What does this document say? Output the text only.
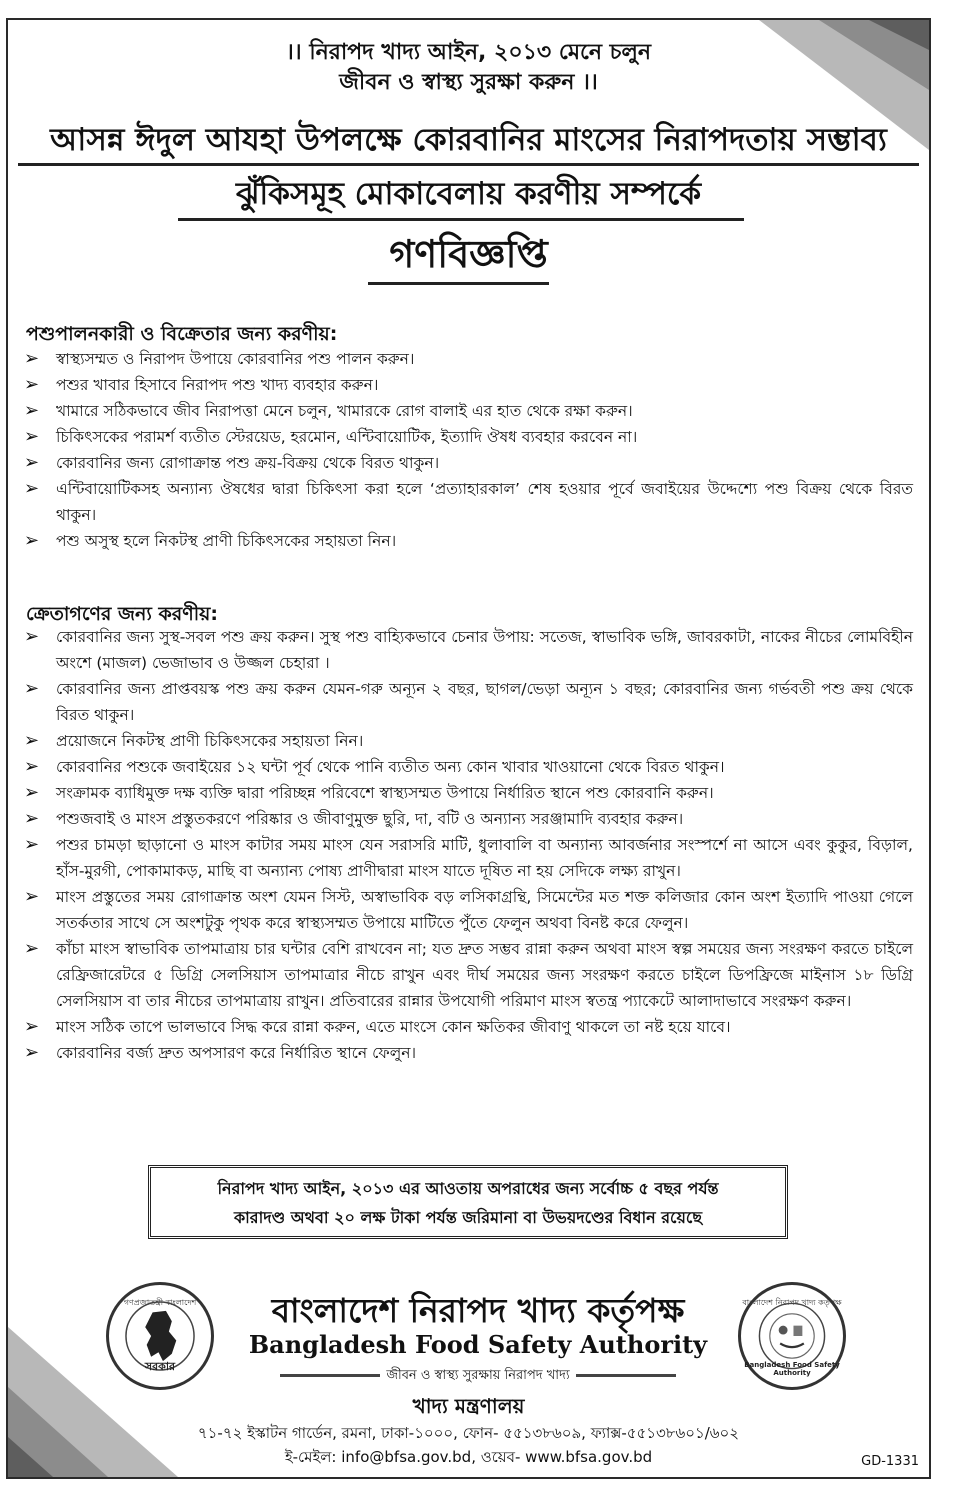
।। নিরাপদ খাদ্য আইন, ২০১৩ মেনে চলুন
জীবন ও স্বাস্থ্য সুরক্ষা করুন ।।
আসন্ন ঈদুল আযহা উপলক্ষে কোরবানির মাংসের নিরাপদতায় সম্ভাব্য
ঝুঁকিসমূহ মোকাবেলায় করণীয় সম্পর্কে
গণবিজ্ঞপ্তি
পশুপালনকারী ও বিক্রেতার জন্য করণীয়:
➢ স্বাস্থ্যসম্মত ও নিরাপদ উপায়ে কোরবানির পশু পালন করুন।
➢ পশুর খাবার হিসাবে নিরাপদ পশু খাদ্য ব্যবহার করুন।
➢ খামারে সঠিকভাবে জীব নিরাপত্তা মেনে চলুন, খামারকে রোগ বালাই এর হাত থেকে রক্ষা করুন।
➢ চিকিৎসকের পরামর্শ ব্যতীত স্টেরয়েড, হরমোন, এন্টিবায়োটিক, ইত্যাদি ঔষধ ব্যবহার করবেন না।
➢ কোরবানির জন্য রোগাক্রান্ত পশু ক্রয়-বিক্রয় থেকে বিরত থাকুন।
➢ এন্টিবায়োটিকসহ অন্যান্য ঔষধের দ্বারা চিকিৎসা করা হলে ‘প্রত্যাহারকাল’ শেষ হওয়ার পূর্বে জবাইয়ের উদ্দেশ্যে পশু বিক্রয় থেকে বিরত থাকুন।
➢ পশু অসুস্থ হলে নিকটস্থ প্রাণী চিকিৎসকের সহায়তা নিন।
ক্রেতাগণের জন্য করণীয়:
➢ কোরবানির জন্য সুস্থ-সবল পশু ক্রয় করুন। সুস্থ পশু বাহ্যিকভাবে চেনার উপায়: সতেজ, স্বাভাবিক ভঙ্গি, জাবরকাটা, নাকের নীচের লোমবিহীন অংশে (মাজল) ভেজাভাব ও উজ্জল চেহারা ।
➢ কোরবানির জন্য প্রাপ্তবয়স্ক পশু ক্রয় করুন যেমন-গরু অন্যূন ২ বছর, ছাগল/ভেড়া অন্যূন ১ বছর; কোরবানির জন্য গর্ভবতী পশু ক্রয় থেকে বিরত থাকুন।
➢ প্রয়োজনে নিকটস্থ প্রাণী চিকিৎসকের সহায়তা নিন।
➢ কোরবানির পশুকে জবাইয়ের ১২ ঘন্টা পূর্ব থেকে পানি ব্যতীত অন্য কোন খাবার খাওয়ানো থেকে বিরত থাকুন।
➢ সংক্রামক ব্যাধিমুক্ত দক্ষ ব্যক্তি দ্বারা পরিচ্ছন্ন পরিবেশে স্বাস্থ্যসম্মত উপায়ে নির্ধারিত স্থানে পশু কোরবানি করুন।
➢ পশুজবাই ও মাংস প্রস্তুতকরণে পরিষ্কার ও জীবাণুমুক্ত ছুরি, দা, বটি ও অন্যান্য সরঞ্জামাদি ব্যবহার করুন।
➢ পশুর চামড়া ছাড়ানো ও মাংস কাটার সময় মাংস যেন সরাসরি মাটি, ধুলাবালি বা অন্যান্য আবর্জনার সংস্পর্শে না আসে এবং কুকুর, বিড়াল, হাঁস-মুরগী, পোকামাকড়, মাছি বা অন্যান্য পোষ্য প্রাণীদ্বারা মাংস যাতে দূষিত না হয় সেদিকে লক্ষ্য রাখুন।
➢ মাংস প্রস্তুতের সময় রোগাক্রান্ত অংশ যেমন সিস্ট, অস্বাভাবিক বড় লসিকাগ্রন্থি, সিমেন্টের মত শক্ত কলিজার কোন অংশ ইত্যাদি পাওয়া গেলে সতর্কতার সাথে সে অংশটুকু পৃথক করে স্বাস্থ্যসম্মত উপায়ে মাটিতে পুঁতে ফেলুন অথবা বিনষ্ট করে ফেলুন।
➢ কাঁচা মাংস স্বাভাবিক তাপমাত্রায় চার ঘন্টার বেশি রাখবেন না; যত দ্রুত সম্ভব রান্না করুন অথবা মাংস স্বল্প সময়ের জন্য সংরক্ষণ করতে চাইলে রেফ্রিজারেটরে ৫ ডিগ্রি সেলসিয়াস তাপমাত্রার নীচে রাখুন এবং দীর্ঘ সময়ের জন্য সংরক্ষণ করতে চাইলে ডিপফ্রিজে মাইনাস ১৮ ডিগ্রি সেলসিয়াস বা তার নীচের তাপমাত্রায় রাখুন। প্রতিবারের রান্নার উপযোগী পরিমাণ মাংস স্বতন্ত্র প্যাকেটে আলাদাভাবে সংরক্ষণ করুন।
➢ মাংস সঠিক তাপে ভালভাবে সিদ্ধ করে রান্না করুন, এতে মাংসে কোন ক্ষতিকর জীবাণু থাকলে তা নষ্ট হয়ে যাবে।
➢ কোরবানির বর্জ্য দ্রুত অপসারণ করে নির্ধারিত স্থানে ফেলুন।
নিরাপদ খাদ্য আইন, ২০১৩ এর আওতায় অপরাধের জন্য সর্বোচ্চ ৫ বছর পর্যন্ত
কারাদণ্ড অথবা ২০ লক্ষ টাকা পর্যন্ত জরিমানা বা উভয়দণ্ডের বিধান রয়েছে
গণপ্রজাতন্ত্রী বাংলাদেশ
সরকার
বাংলাদেশ নিরাপদ খাদ্য কর্তৃপক্ষ
Bangladesh Food Safety Authority
বাংলাদেশ নিরাপদ খাদ্য কর্তৃপক্ষ
Bangladesh Food Safety Authority
জীবন ও স্বাস্থ্য সুরক্ষায় নিরাপদ খাদ্য
খাদ্য মন্ত্রণালয়
৭১-৭২ ইস্কাটন গার্ডেন, রমনা, ঢাকা-১০০০, ফোন- ৫৫১৩৮৬০৯, ফ্যাক্স-৫৫১৩৮৬০১/৬০২
ই-মেইল: info@bfsa.gov.bd, ওয়েব- www.bfsa.gov.bd	GD-1331
